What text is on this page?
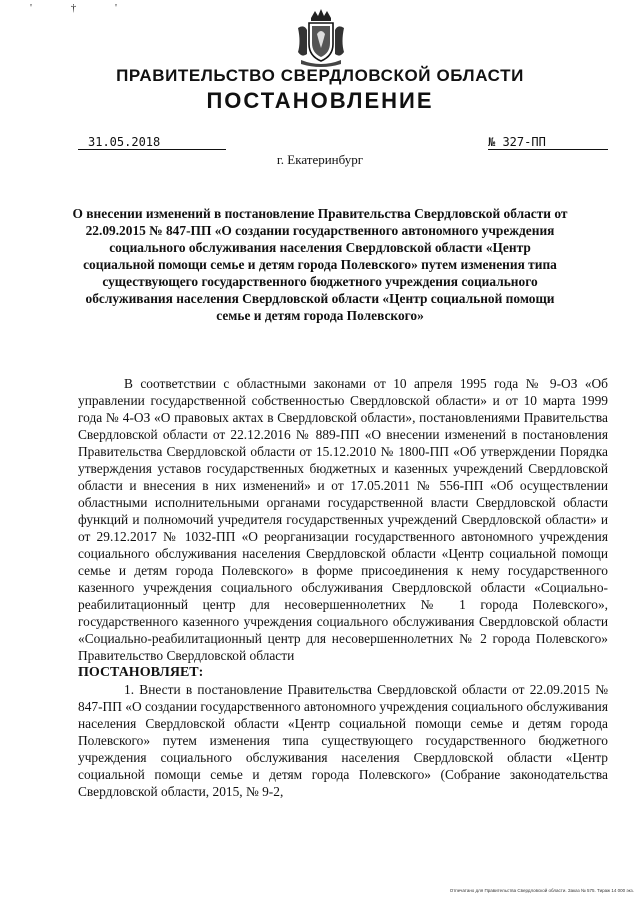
' † '
ПРАВИТЕЛЬСТВО СВЕРДЛОВСКОЙ ОБЛАСТИ
ПОСТАНОВЛЕНИЕ
31.05.2018	№ 327-ПП
г. Екатеринбург
О внесении изменений в постановление Правительства Свердловской области от 22.09.2015 № 847-ПП «О создании государственного автономного учреждения социального обслуживания населения Свердловской области «Центр социальной помощи семье и детям города Полевского» путем изменения типа существующего государственного бюджетного учреждения социального обслуживания населения Свердловской области «Центр социальной помощи семье и детям города Полевского»

В соответствии с областными законами от 10 апреля 1995 года № 9-ОЗ «Об управлении государственной собственностью Свердловской области» и от 10 марта 1999 года № 4-ОЗ «О правовых актах в Свердловской области», постановлениями Правительства Свердловской области от 22.12.2016 № 889-ПП «О внесении изменений в постановления Правительства Свердловской области от 15.12.2010 № 1800-ПП «Об утверждении Порядка утверждения уставов государственных бюджетных и казенных учреждений Свердловской области и внесения в них изменений» и от 17.05.2011 № 556-ПП «Об осуществлении областными исполнительными органами государственной власти Свердловской области функций и полномочий учредителя государственных учреждений Свердловской области» и от 29.12.2017 № 1032-ПП «О реорганизации государственного автономного учреждения социального обслуживания населения Свердловской области «Центр социальной помощи семье и детям города Полевского» в форме присоединения к нему государственного казенного учреждения социального обслуживания Свердловской области «Социально-реабилитационный центр для несовершеннолетних № 1 города Полевского», государственного казенного учреждения социального обслуживания Свердловской области «Социально-реабилитационный центр для несовершеннолетних № 2 города Полевского» Правительство Свердловской области

ПОСТАНОВЛЯЕТ:

1. Внести в постановление Правительства Свердловской области от 22.09.2015 № 847-ПП «О создании государственного автономного учреждения социального обслуживания населения Свердловской области «Центр социальной помощи семье и детям города Полевского» путем изменения типа существующего государственного бюджетного учреждения социального обслуживания населения Свердловской области «Центр социальной помощи семье и детям города Полевского» (Собрание законодательства Свердловской области, 2015, № 9-2,

Отпечатано для Правительства Свердловской области. Заказ № 575. Тираж 14 000 экз.
